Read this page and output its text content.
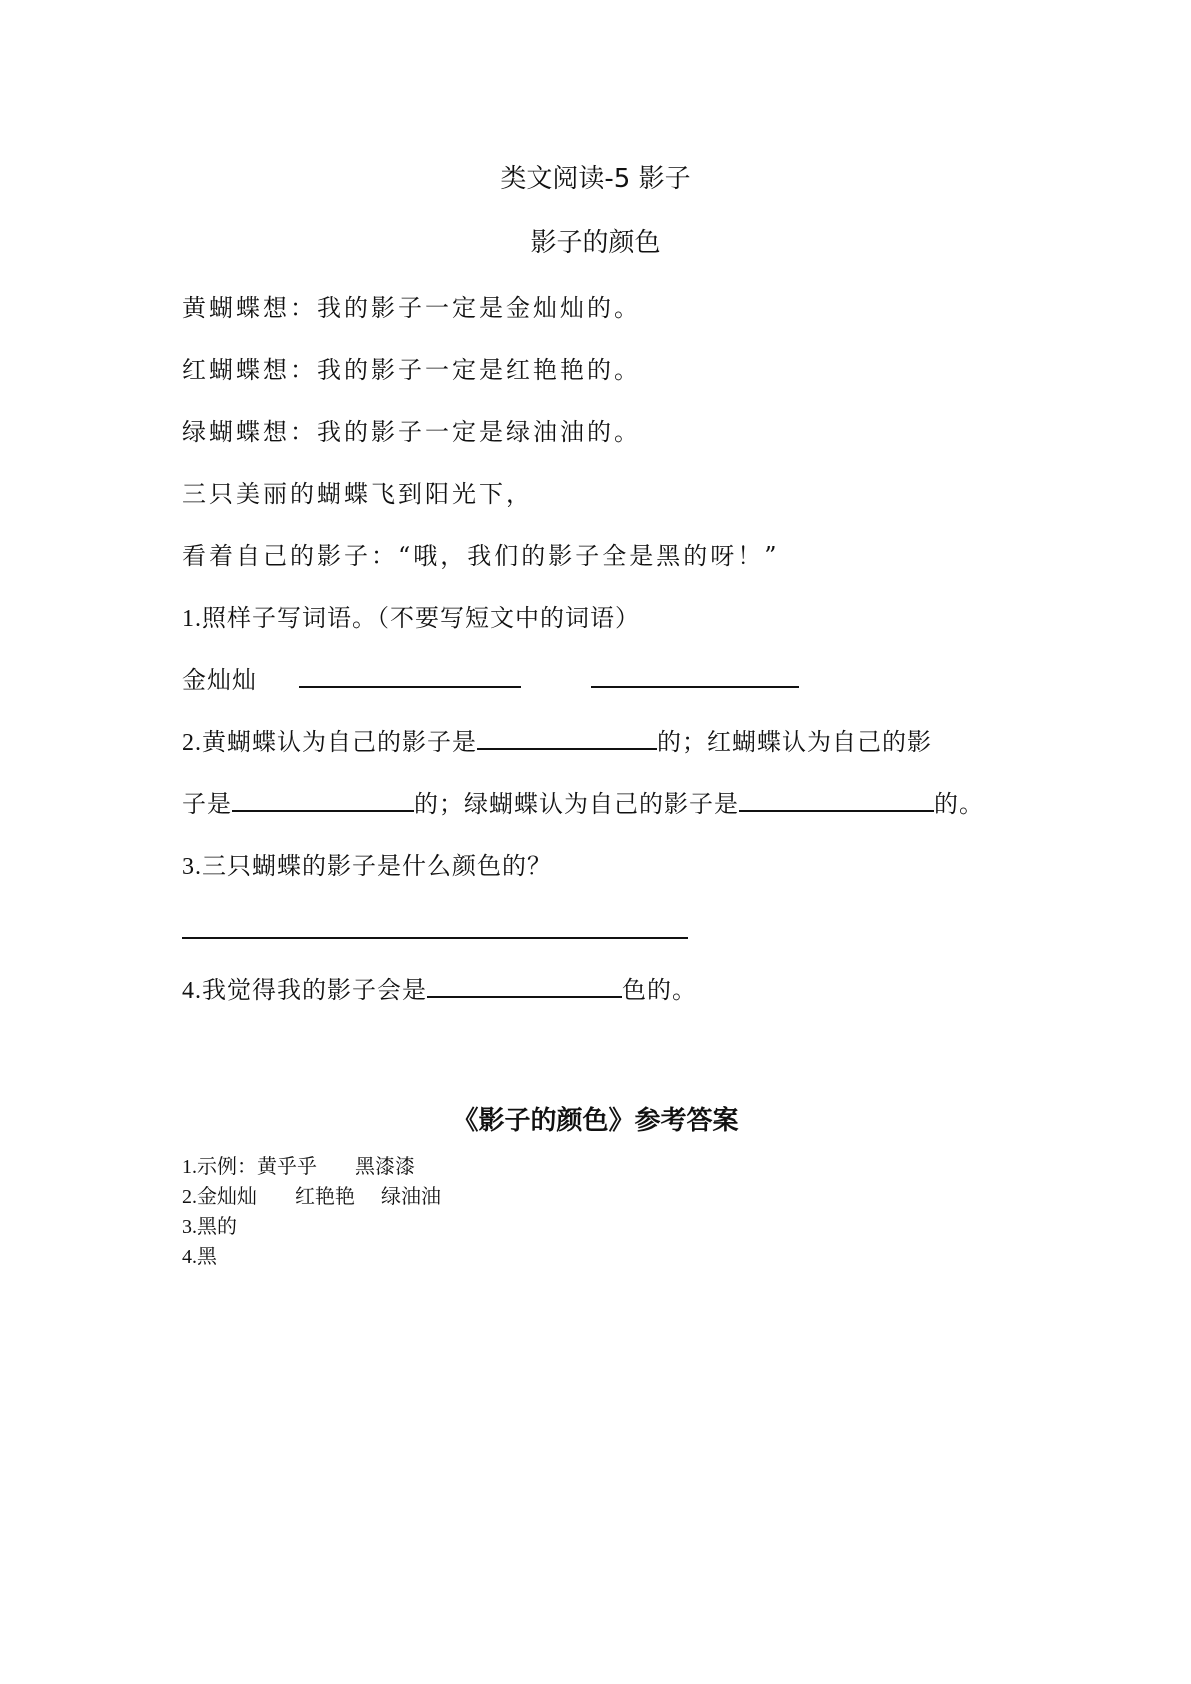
类文阅读-5 影子
影子的颜色
黄蝴蝶想：我的影子一定是金灿灿的。
红蝴蝶想：我的影子一定是红艳艳的。
绿蝴蝶想：我的影子一定是绿油油的。
三只美丽的蝴蝶飞到阳光下，
看着自己的影子：“哦，我们的影子全是黑的呀！”
1.照样子写词语。（不要写短文中的词语）
金灿灿
2.黄蝴蝶认为自己的影子是	的；红蝴蝶认为自己的影
子是	的；绿蝴蝶认为自己的影子是	的。
3.三只蝴蝶的影子是什么颜色的？
4.我觉得我的影子会是	色的。
《影子的颜色》参考答案
1.示例：黄乎乎 黑漆漆
2.金灿灿 红艳艳 绿油油
3.黑的
4.黑
